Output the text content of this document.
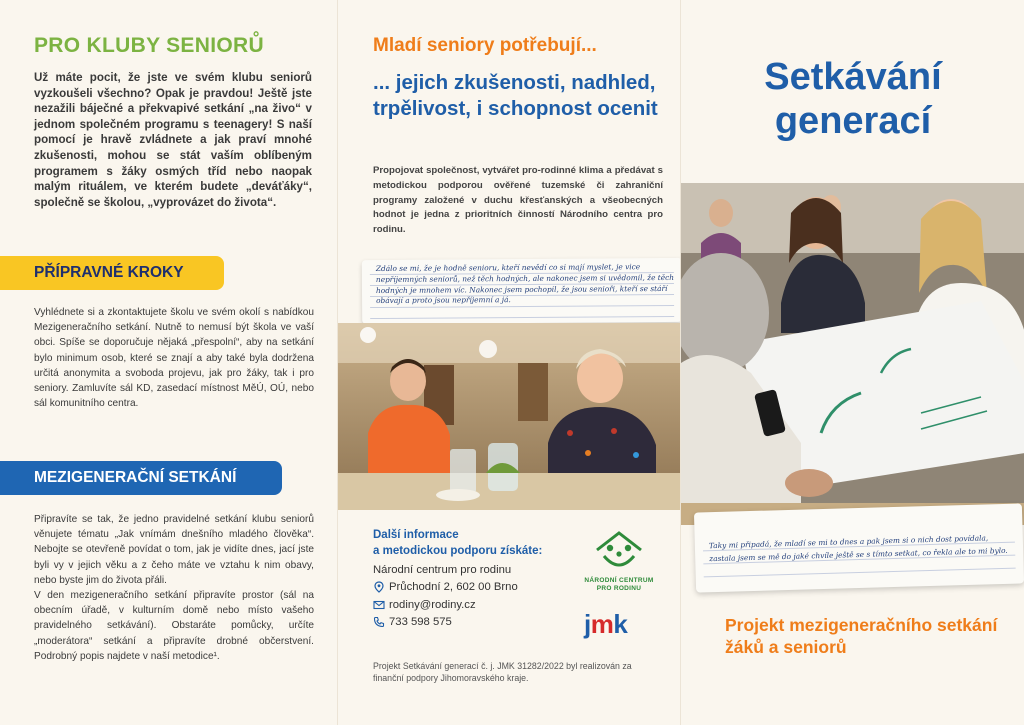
PRO KLUBY SENIORŮ
Už máte pocit, že jste ve svém klubu seniorů vyzkoušeli všechno? Opak je pravdou! Ještě jste nezažili báječné a překvapivé setkání „na živo“ v jednom společném programu s teenagery! S naší pomocí je hravě zvládnete a jak praví mnohé zkušenosti, mohou se stát vaším oblíbeným programem s žáky osmých tříd nebo naopak malým rituálem, ve kterém budete „deváťáky“, společně se školou, „vyprovázet do života“.
PŘÍPRAVNÉ KROKY

Vyhlédnete si a zkontaktujete školu ve svém okolí s nabídkou Mezigeneračního setkání. Nutně to nemusí být škola ve vaší obci. Spíše se doporučuje nějaká „přespolní“, aby na setkání bylo minimum osob, které se znají a aby také byla dodržena určitá anonymita a svoboda projevu, jak pro žáky, tak i pro seniory. Zamluvíte sál KD, zasedací místnost MěÚ, OÚ, nebo sál komunitního centra.

MEZIGENERAČNÍ SETKÁNÍ

Připravíte se tak, že jedno pravidelné setkání klubu seniorů věnujete tématu „Jak vnímám dnešního mladého člověka“. Nebojte se otevřeně povídat o tom, jak je vidíte dnes, jací jste byli vy v jejich věku a z čeho máte ve vztahu k nim obavy, nebo byste jim do života přáli.

V den mezigeneračního setkání připravíte prostor (sál na obecním úřadě, v kulturním domě nebo místo vašeho pravidelného setkávání). Obstaráte pomůcky, určíte „moderátora“ setkání a připravíte drobné občerstvení. Podrobný popis najdete v naší metodice¹.

Mladí seniory potřebují...
... jejich zkušenosti, nadhled, trpělivost, i schopnost ocenit
Propojovat společnost, vytvářet pro-rodinné klima a předávat s metodickou podporou ověřené tuzemské či zahraniční programy založené v duchu křesťanských a všeobecných hodnot je jedna z prioritních činností Národního centra pro rodinu.
Zdálo se mi, že je hodně senioru, kteří nevědí co si mají myslet, je vice nepříjemných seniorů, než těch hodných, ale nakonec jsem si uvědomil, že těch hodných je mnohem víc. Nakonec jsem pochopil, že jsou senioři, kteří se stáří obávají a proto jsou nepříjemní a já.
Další informace
a metodickou podporu získáte:
Národní centrum pro rodinu
Průchodní 2, 602 00 Brno
rodiny@rodiny.cz
733 598 575
NÁRODNÍ CENTRUM PRO RODINU
jmk
Projekt Setkávání generací č. j. JMK 31282/2022 byl realizován za finanční podpory Jihomoravského kraje.
Setkávání generací
Taky mi připadá, že mladí se mi to dnes a pak jsem si o nich dost povídala, zastala jsem se mě do jaké chvíle ještě se s tímto setkat, co řekla ale to mi bylo.
Projekt mezigeneračního setkání žáků a seniorů
